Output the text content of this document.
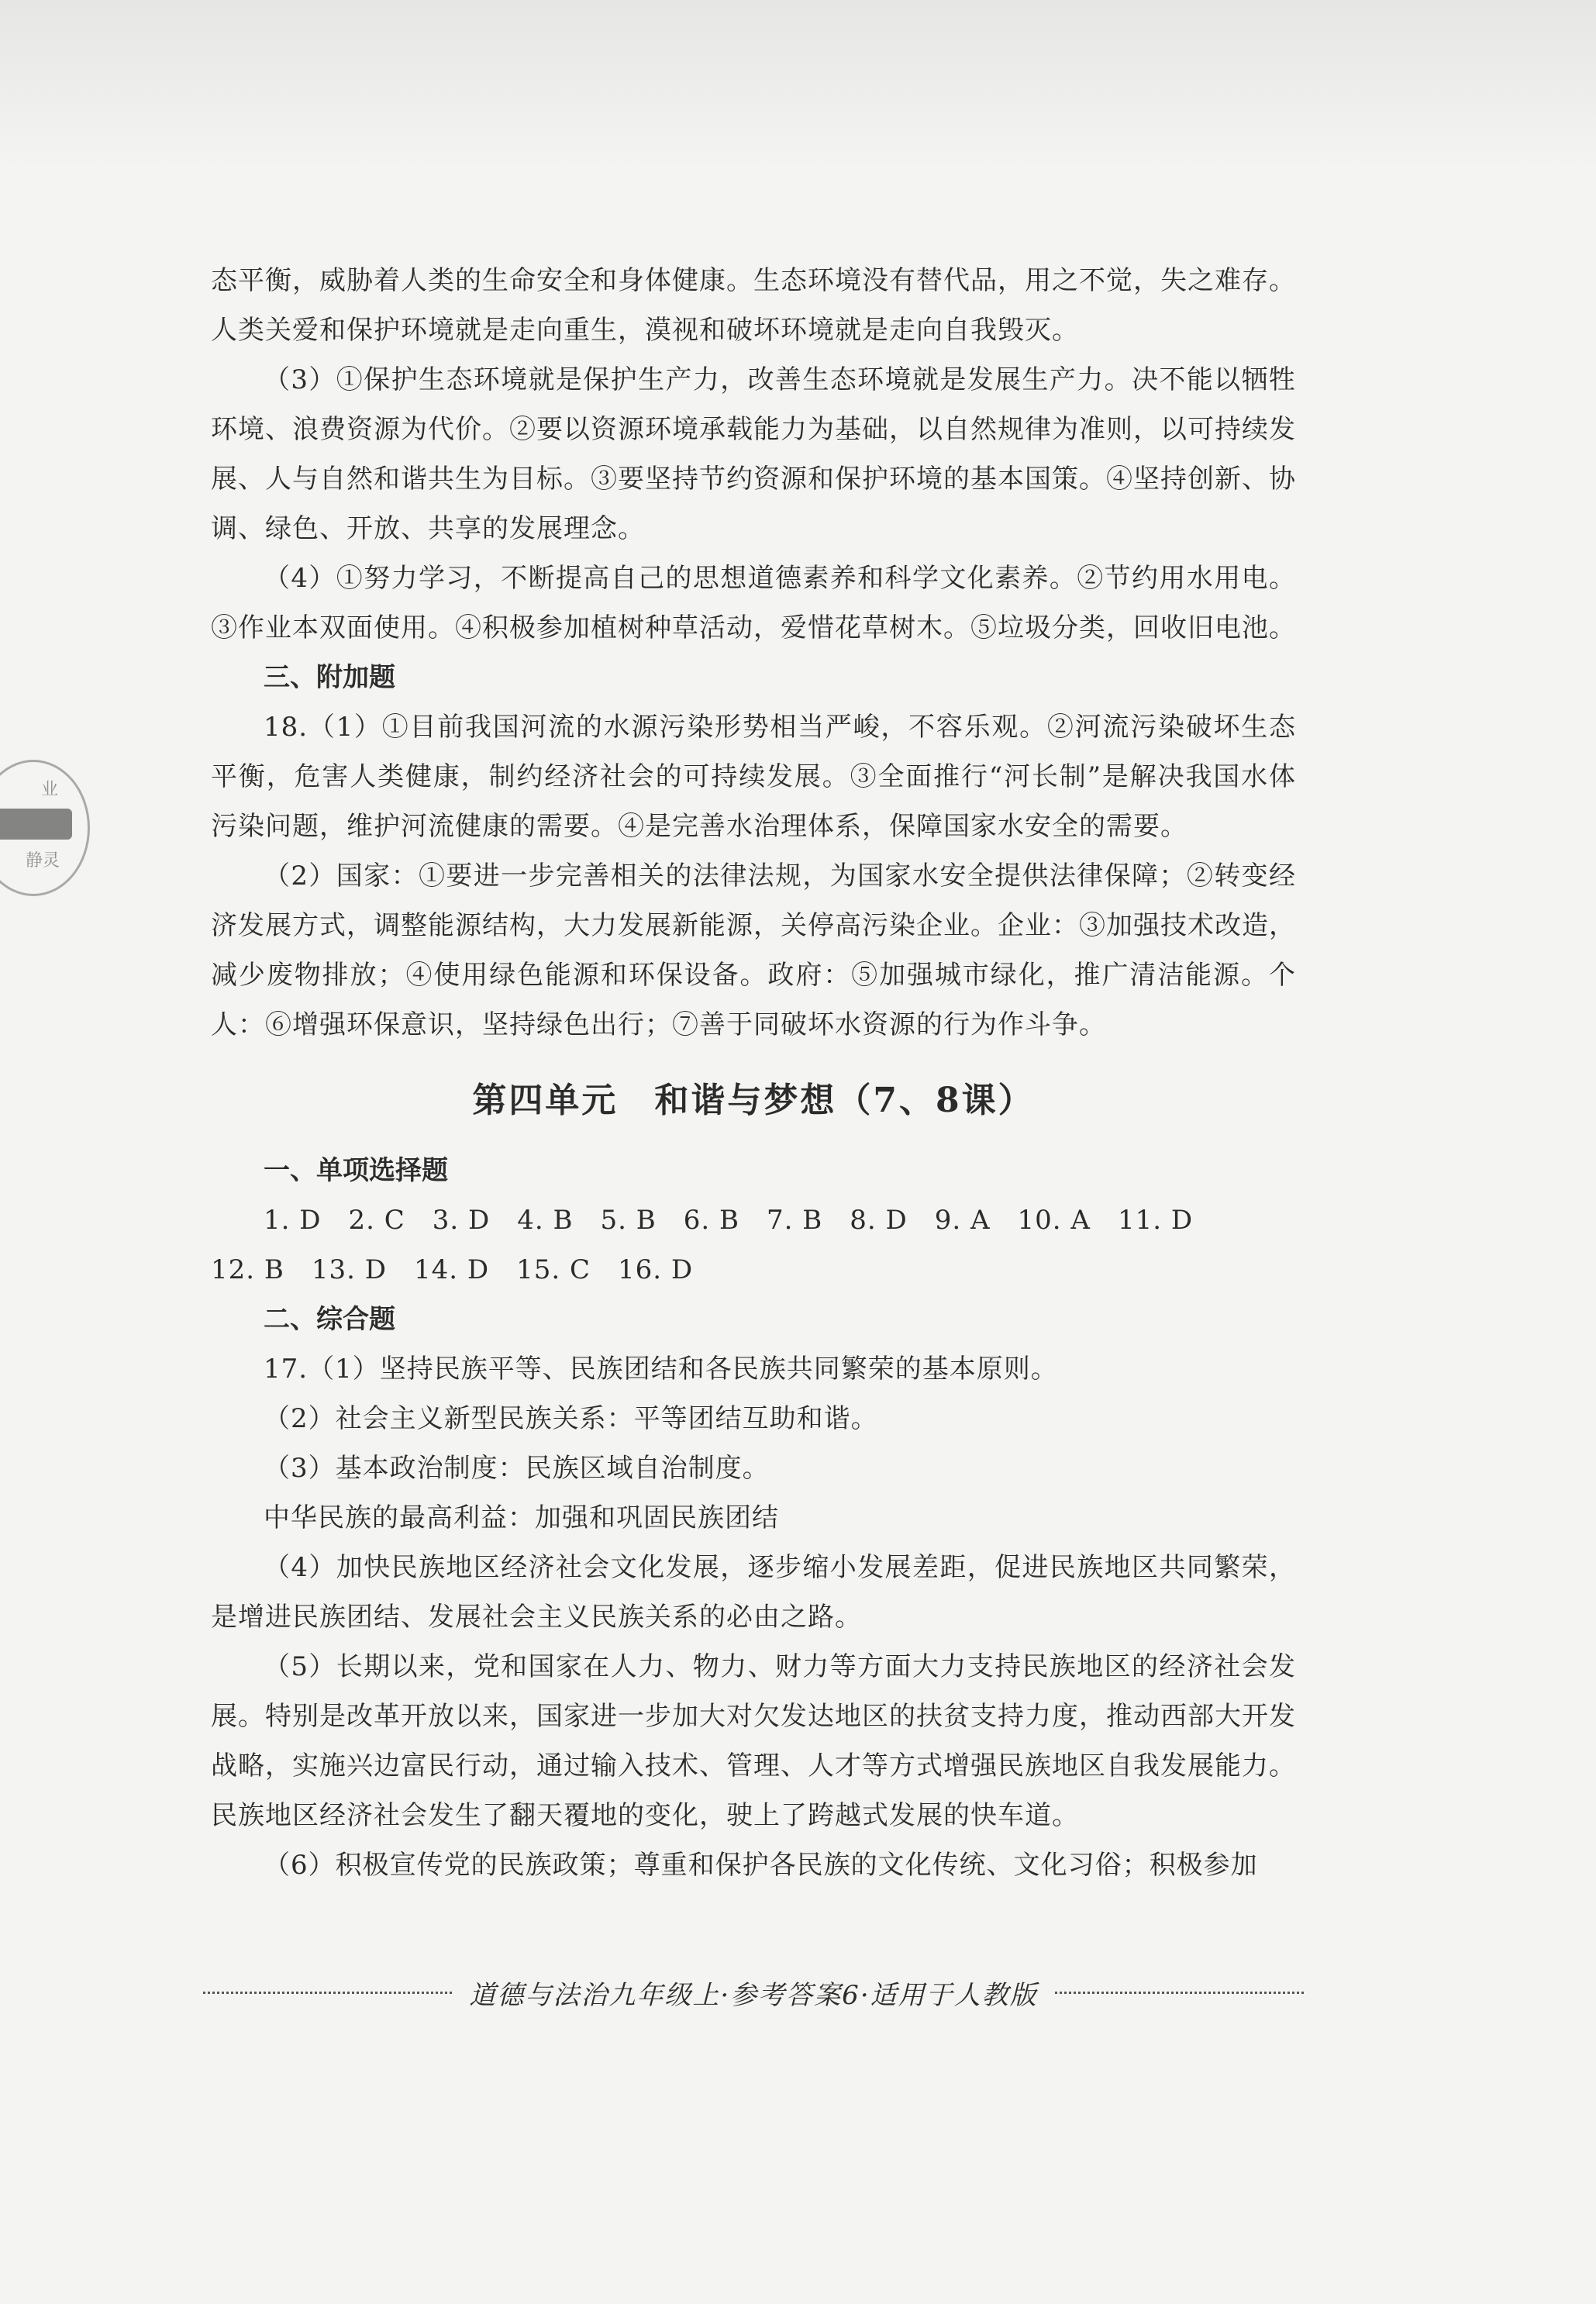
业
静灵

态平衡，威胁着人类的生命安全和身体健康。生态环境没有替代品，用之不觉，失之难存。人类关爱和保护环境就是走向重生，漠视和破坏环境就是走向自我毁灭。

（3）①保护生态环境就是保护生产力，改善生态环境就是发展生产力。决不能以牺牲环境、浪费资源为代价。②要以资源环境承载能力为基础，以自然规律为准则，以可持续发展、人与自然和谐共生为目标。③要坚持节约资源和保护环境的基本国策。④坚持创新、协调、绿色、开放、共享的发展理念。

（4）①努力学习，不断提高自己的思想道德素养和科学文化素养。②节约用水用电。③作业本双面使用。④积极参加植树种草活动，爱惜花草树木。⑤垃圾分类，回收旧电池。

三、附加题

18.（1）①目前我国河流的水源污染形势相当严峻，不容乐观。②河流污染破坏生态平衡，危害人类健康，制约经济社会的可持续发展。③全面推行“河长制”是解决我国水体污染问题，维护河流健康的需要。④是完善水治理体系，保障国家水安全的需要。

（2）国家：①要进一步完善相关的法律法规，为国家水安全提供法律保障；②转变经济发展方式，调整能源结构，大力发展新能源，关停高污染企业。企业：③加强技术改造，减少废物排放；④使用绿色能源和环保设备。政府：⑤加强城市绿化，推广清洁能源。个人：⑥增强环保意识，坚持绿色出行；⑦善于同破坏水资源的行为作斗争。

第四单元　和谐与梦想（7、8课）
一、单项选择题

1. D　2. C　3. D　4. B　5. B　6. B　7. B　8. D　9. A　10. A　11. D

12. B　13. D　14. D　15. C　16. D

二、综合题

17.（1）坚持民族平等、民族团结和各民族共同繁荣的基本原则。

（2）社会主义新型民族关系：平等团结互助和谐。

（3）基本政治制度：民族区域自治制度。

中华民族的最高利益：加强和巩固民族团结

（4）加快民族地区经济社会文化发展，逐步缩小发展差距，促进民族地区共同繁荣，是增进民族团结、发展社会主义民族关系的必由之路。

（5）长期以来，党和国家在人力、物力、财力等方面大力支持民族地区的经济社会发展。特别是改革开放以来，国家进一步加大对欠发达地区的扶贫支持力度，推动西部大开发战略，实施兴边富民行动，通过输入技术、管理、人才等方式增强民族地区自我发展能力。民族地区经济社会发生了翻天覆地的变化，驶上了跨越式发展的快车道。

（6）积极宣传党的民族政策；尊重和保护各民族的文化传统、文化习俗；积极参加

道德与法治九年级上·参考答案6·适用于人教版
